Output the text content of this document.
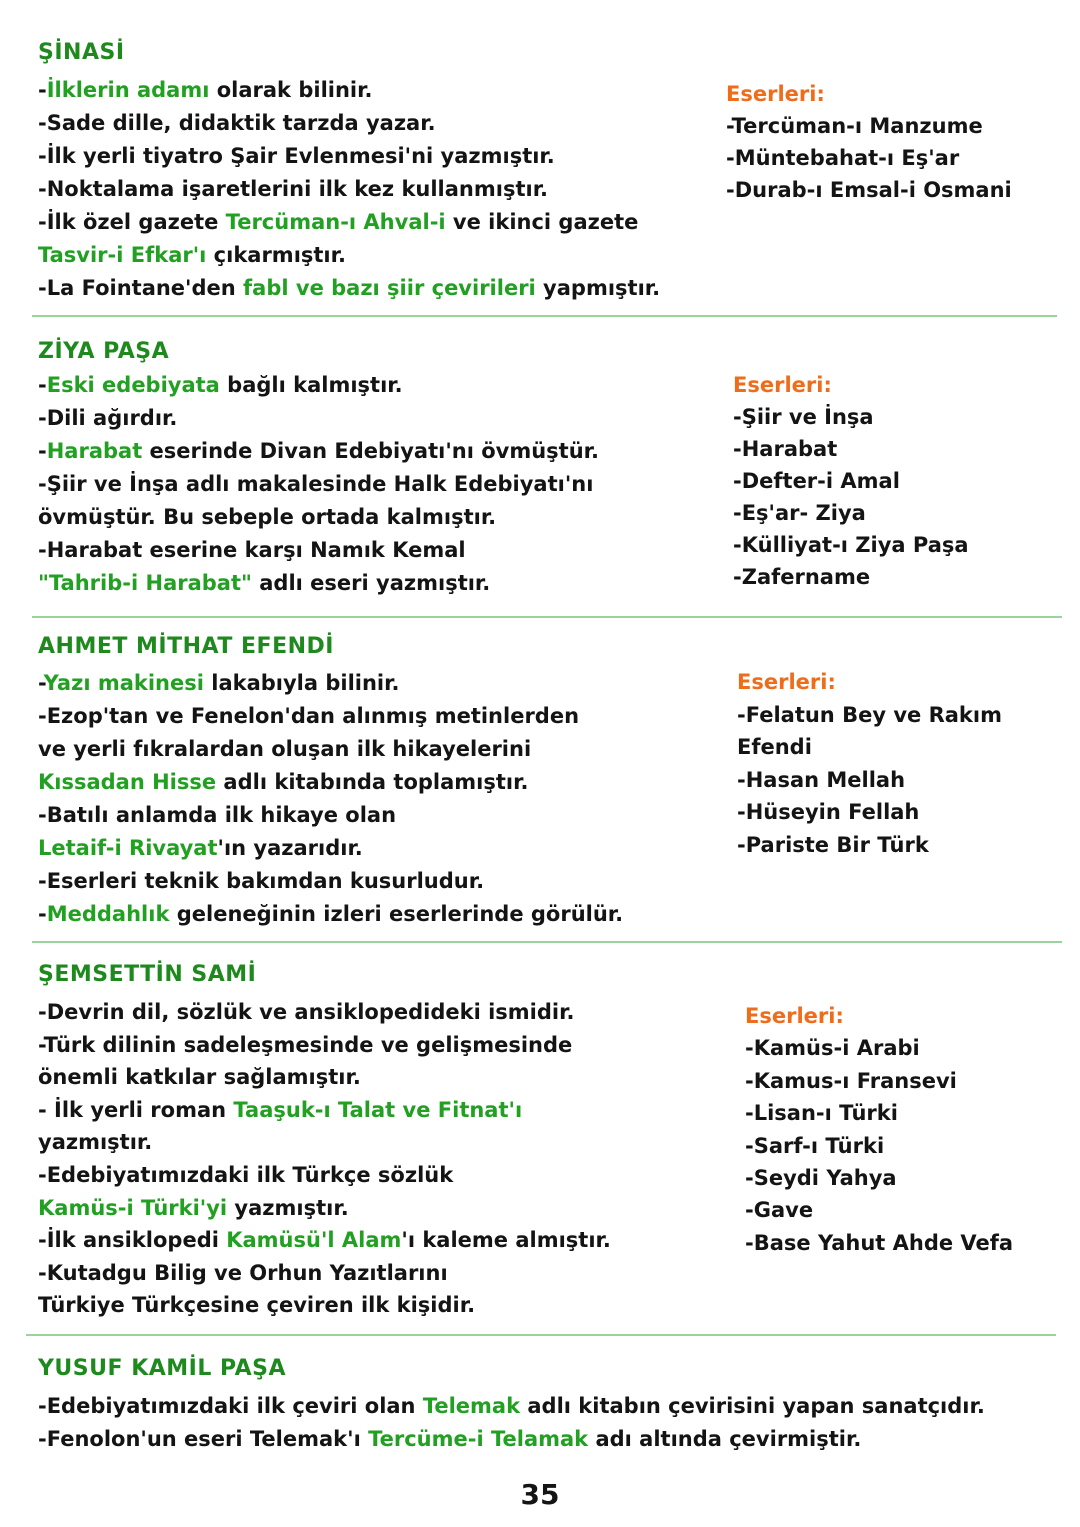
ŞİNASİ
-İlklerin adamı olarak bilinir.
-Sade dille, didaktik tarzda yazar.
-İlk yerli tiyatro Şair Evlenmesi'ni yazmıştır.
-Noktalama işaretlerini ilk kez kullanmıştır.
-İlk özel gazete Tercüman-ı Ahval-i ve ikinci gazete
Tasvir-i Efkar'ı çıkarmıştır.
-La Fointane'den fabl ve bazı şiir çevirileri yapmıştır.
Eserleri:
-Tercüman-ı Manzume
-Müntebahat-ı Eş'ar
-Durab-ı Emsal-i Osmani
ZİYA PAŞA
-Eski edebiyata bağlı kalmıştır.
-Dili ağırdır.
-Harabat eserinde Divan Edebiyatı'nı övmüştür.
-Şiir ve İnşa adlı makalesinde Halk Edebiyatı'nı
övmüştür. Bu sebeple ortada kalmıştır.
-Harabat eserine karşı Namık Kemal
"Tahrib-i Harabat" adlı eseri yazmıştır.
Eserleri:
-Şiir ve İnşa
-Harabat
-Defter-i Amal
-Eş'ar- Ziya
-Külliyat-ı Ziya Paşa
-Zafername
AHMET MİTHAT EFENDİ
-Yazı makinesi lakabıyla bilinir.
-Ezop'tan ve Fenelon'dan alınmış metinlerden
ve yerli fıkralardan oluşan ilk hikayelerini
Kıssadan Hisse adlı kitabında toplamıştır.
-Batılı anlamda ilk hikaye olan
Letaif-i Rivayat'ın yazarıdır.
-Eserleri teknik bakımdan kusurludur.
-Meddahlık geleneğinin izleri eserlerinde görülür.
Eserleri:
-Felatun Bey ve Rakım
Efendi
-Hasan Mellah
-Hüseyin Fellah
-Pariste Bir Türk
ŞEMSETTİN SAMİ
-Devrin dil, sözlük ve ansiklopedideki ismidir.
-Türk dilinin sadeleşmesinde ve gelişmesinde
önemli katkılar sağlamıştır.
- İlk yerli roman Taaşuk-ı Talat ve Fitnat'ı
yazmıştır.
-Edebiyatımızdaki ilk Türkçe sözlük
Kamüs-i Türki'yi yazmıştır.
-İlk ansiklopedi Kamüsü'l Alam'ı kaleme almıştır.
-Kutadgu Bilig ve Orhun Yazıtlarını
Türkiye Türkçesine çeviren ilk kişidir.
Eserleri:
-Kamüs-i Arabi
-Kamus-ı Fransevi
-Lisan-ı Türki
-Sarf-ı Türki
-Seydi Yahya
-Gave
-Base Yahut Ahde Vefa
YUSUF KAMİL PAŞA
-Edebiyatımızdaki ilk çeviri olan Telemak adlı kitabın çevirisini yapan sanatçıdır.
-Fenolon'un eseri Telemak'ı Tercüme-i Telamak adı altında çevirmiştir.
35
